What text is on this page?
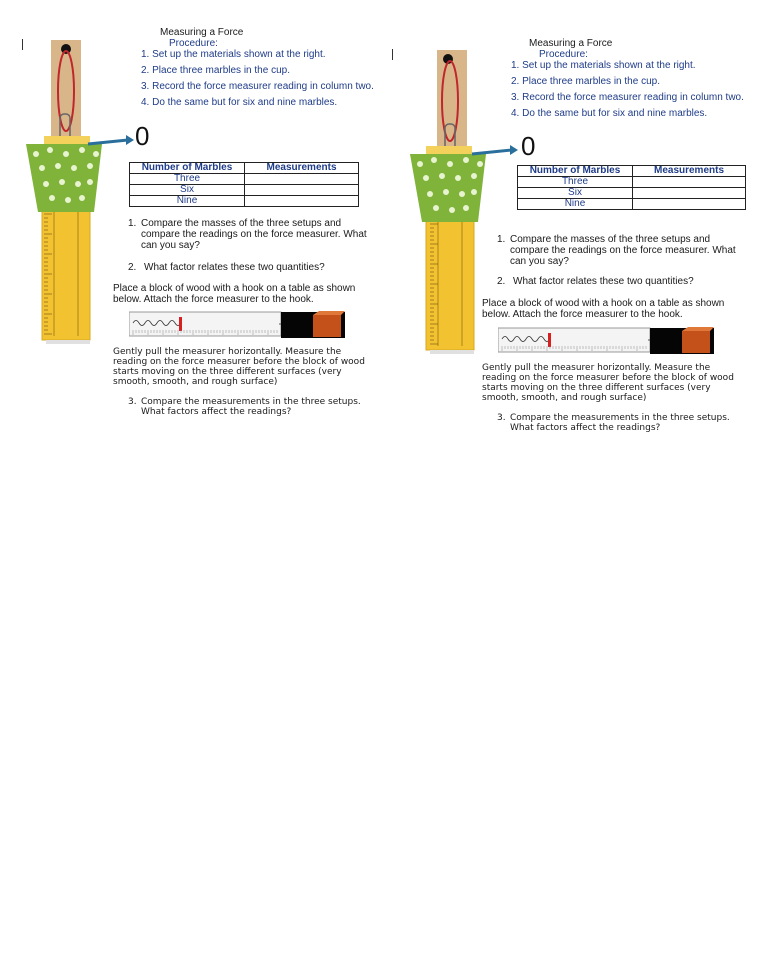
0
Measuring a Force
Procedure:
1. Set up the materials shown at the right.
2. Place three marbles in the cup.
3. Record the force measurer reading in column two.
4. Do the same but for six and nine marbles.
Number of Marbles	Measurements
Three	
Six	
Nine	
1. Compare the masses of the three setups and compare the readings on the force measurer. What can you say?
2. What factor relates these two quantities?
Place a block of wood with a hook on a table as shown below. Attach the force measurer to the hook.
Gently pull the measurer horizontally. Measure the reading on the force measurer before the block of wood starts moving on the three different surfaces (very smooth, smooth, and rough surface)
3. Compare the measurements in the three setups. What factors affect the readings?
0
Measuring a Force
Procedure:
1. Set up the materials shown at the right.
2. Place three marbles in the cup.
3. Record the force measurer reading in column two.
4. Do the same but for six and nine marbles.
Number of Marbles	Measurements
Three	
Six	
Nine	
1. Compare the masses of the three setups and compare the readings on the force measurer. What can you say?
2. What factor relates these two quantities?
Place a block of wood with a hook on a table as shown below. Attach the force measurer to the hook.
Gently pull the measurer horizontally. Measure the reading on the force measurer before the block of wood starts moving on the three different surfaces (very smooth, smooth, and rough surface)
3. Compare the measurements in the three setups. What factors affect the readings?
